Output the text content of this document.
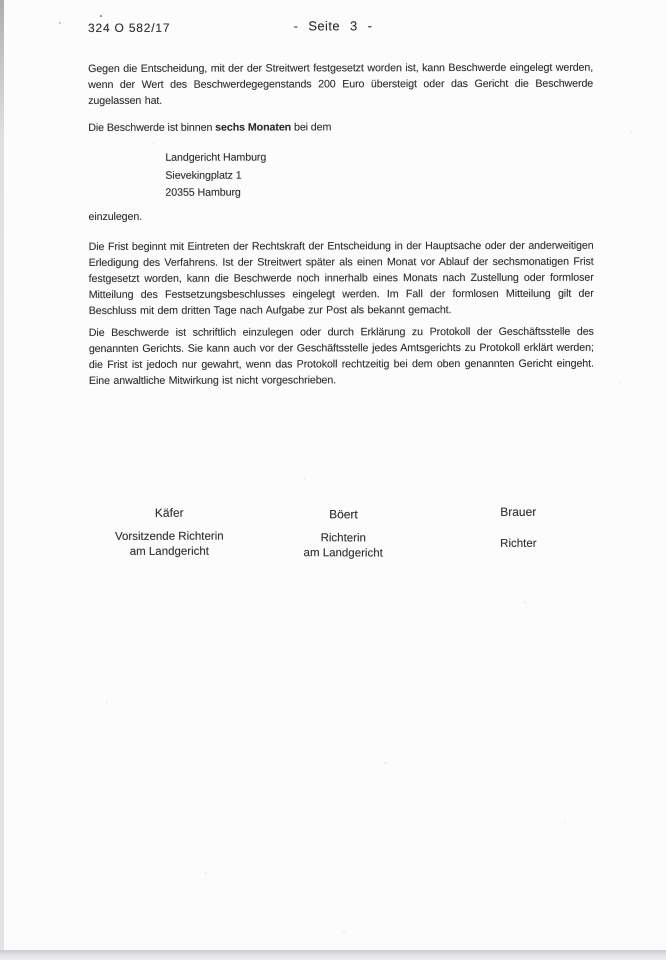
' 324 O 582/17	- Seite 3 -

Gegen die Entscheidung, mit der der Streitwert festgesetzt worden ist, kann Beschwerde eingelegt werden, wenn der Wert des Beschwerdegegenstands 200 Euro übersteigt oder das Gericht die Beschwerde zugelassen hat.

Die Beschwerde ist binnen sechs Monaten bei dem
Landgericht Hamburg
Sievekingplatz 1
20355 Hamburg
einzulegen.

Die Frist beginnt mit Eintreten der Rechtskraft der Entscheidung in der Hauptsache oder der anderweitigen Erledigung des Verfahrens. Ist der Streitwert später als einen Monat vor Ablauf der sechsmonatigen Frist festgesetzt worden, kann die Beschwerde noch innerhalb eines Monats nach Zustellung oder formloser Mitteilung des Festsetzungsbeschlusses eingelegt werden. Im Fall der formlosen Mitteilung gilt der Beschluss mit dem dritten Tage nach Aufgabe zur Post als bekannt gemacht.

Die Beschwerde ist schriftlich einzulegen oder durch Erklärung zu Protokoll der Geschäftsstelle des genannten Gerichts. Sie kann auch vor der Geschäftsstelle jedes Amtsgerichts zu Protokoll erklärt werden; die Frist ist jedoch nur gewahrt, wenn das Protokoll rechtzeitig bei dem oben genannten Gericht eingeht. Eine anwaltliche Mitwirkung ist nicht vorgeschrieben.

Käfer
Vorsitzende Richterin
am Landgericht
Böert
Richterin
am Landgericht
Brauer
Richter
